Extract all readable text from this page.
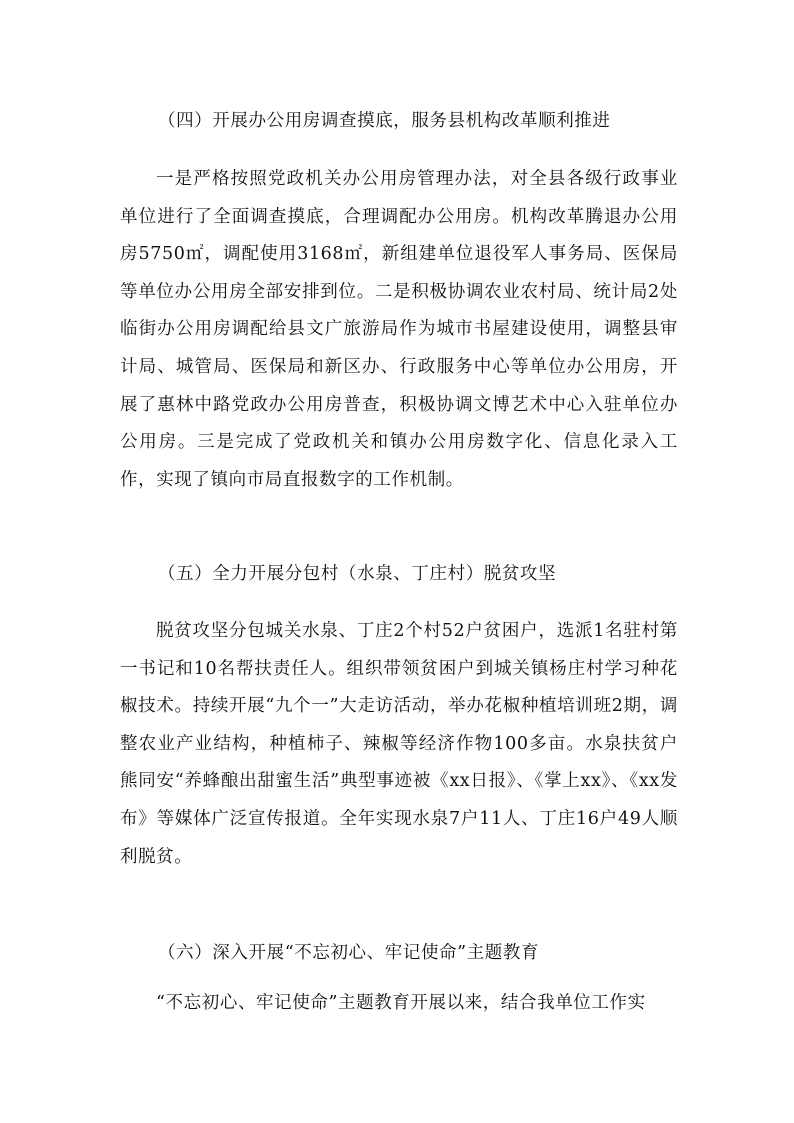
（四）开展办公用房调查摸底，服务县机构改革顺利推进

一是严格按照党政机关办公用房管理办法，对全县各级行政事业单位进行了全面调查摸底，合理调配办公用房。机构改革腾退办公用房5750㎡，调配使用3168㎡，新组建单位退役军人事务局、医保局等单位办公用房全部安排到位。二是积极协调农业农村局、统计局2处临街办公用房调配给县文广旅游局作为城市书屋建设使用，调整县审计局、城管局、医保局和新区办、行政服务中心等单位办公用房，开展了惠林中路党政办公用房普查，积极协调文博艺术中心入驻单位办公用房。三是完成了党政机关和镇办公用房数字化、信息化录入工作，实现了镇向市局直报数字的工作机制。

（五）全力开展分包村（水泉、丁庄村）脱贫攻坚

脱贫攻坚分包城关水泉、丁庄2个村52户贫困户，选派1名驻村第一书记和10名帮扶责任人。组织带领贫困户到城关镇杨庄村学习种花椒技术。持续开展“九个一”大走访活动，举办花椒种植培训班2期，调整农业产业结构，种植柿子、辣椒等经济作物100多亩。水泉扶贫户熊同安“养蜂酿出甜蜜生活”典型事迹被《xx日报》、《掌上xx》、《xx发布》等媒体广泛宣传报道。全年实现水泉7户11人、丁庄16户49人顺利脱贫。

（六）深入开展“不忘初心、牢记使命”主题教育

“不忘初心、牢记使命”主题教育开展以来，结合我单位工作实
